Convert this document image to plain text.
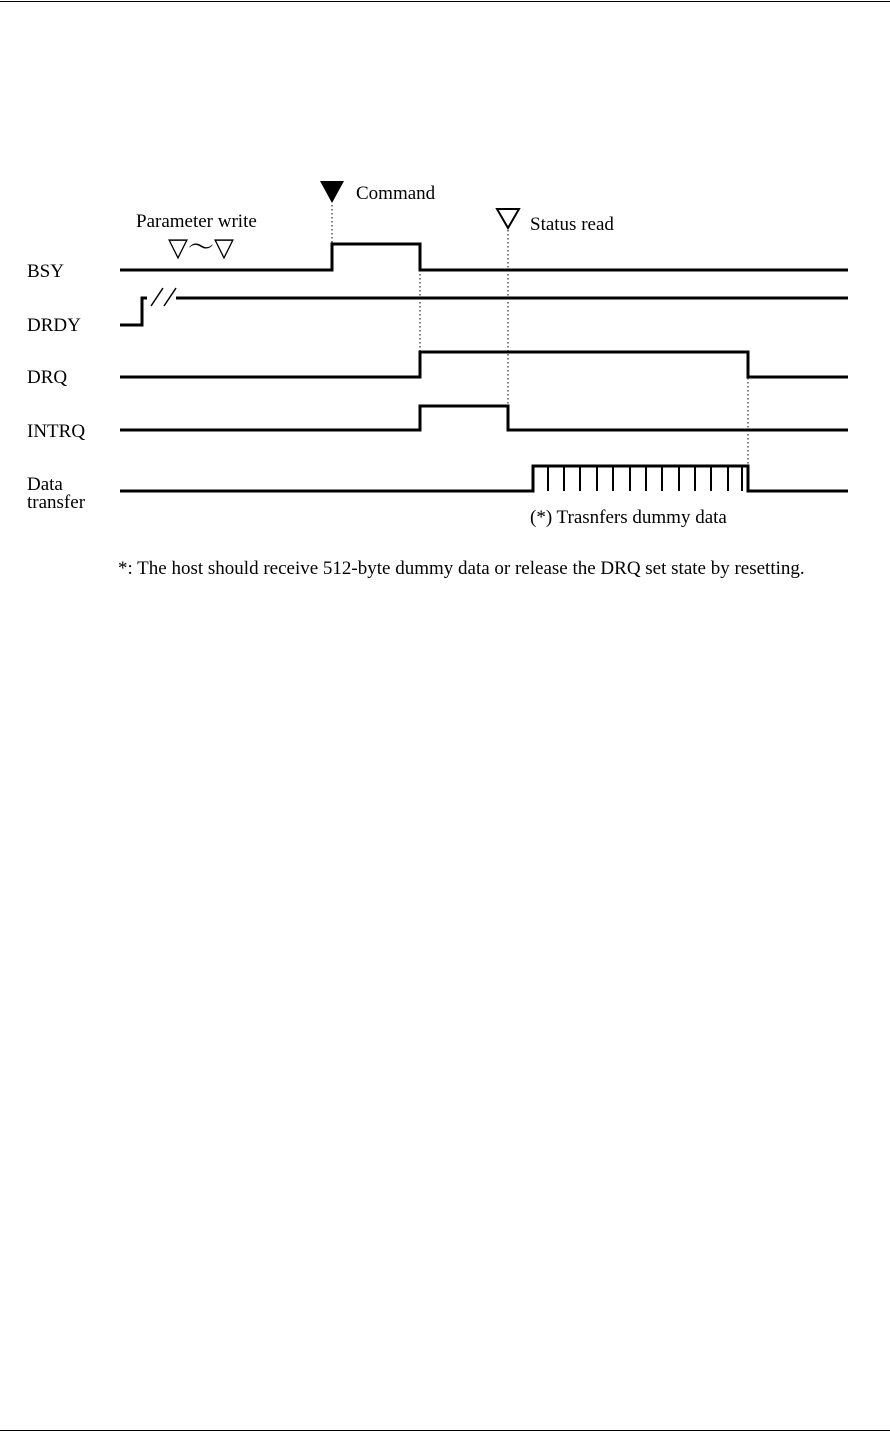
BSY
DRDY
DRQ
INTRQ
Data
transfer
Parameter write
▽～▽
Command
Status read
(*) Trasnfers dummy data
*: The host should receive 512-byte dummy data or release the DRQ set state by resetting.
